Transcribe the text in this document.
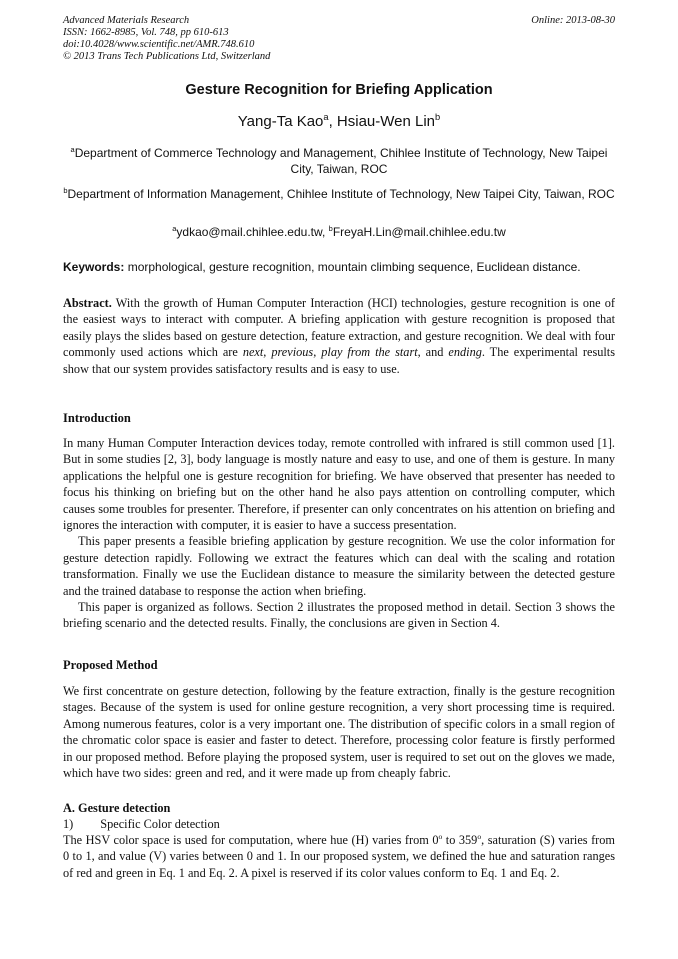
Advanced Materials Research
ISSN: 1662-8985, Vol. 748, pp 610-613
doi:10.4028/www.scientific.net/AMR.748.610
© 2013 Trans Tech Publications Ltd, Switzerland
Online: 2013-08-30
Gesture Recognition for Briefing Application
Yang-Ta Kao$^a$, Hsiau-Wen Lin$^b$
$^a$Department of Commerce Technology and Management, Chihlee Institute of Technology, New Taipei City, Taiwan, ROC
$^b$Department of Information Management, Chihlee Institute of Technology, New Taipei City, Taiwan, ROC
$^a$ydkao@mail.chihlee.edu.tw, $^b$FreyaH.Lin@mail.chihlee.edu.tw
Keywords: morphological, gesture recognition, mountain climbing sequence, Euclidean distance.

Abstract. With the growth of Human Computer Interaction (HCI) technologies, gesture recognition is one of the easiest ways to interact with computer. A briefing application with gesture recognition is proposed that easily plays the slides based on gesture detection, feature extraction, and gesture recognition. We deal with four commonly used actions which are next, previous, play from the start, and ending. The experimental results show that our system provides satisfactory results and is easy to use.

Introduction

In many Human Computer Interaction devices today, remote controlled with infrared is still common used [1]. But in some studies [2, 3], body language is mostly nature and easy to use, and one of them is gesture. In many applications the helpful one is gesture recognition for briefing. We have observed that presenter has needed to focus his thinking on briefing but on the other hand he also pays attention on controlling computer, which causes some troubles for presenter. Therefore, if presenter can only concentrates on his attention on briefing and ignores the interaction with computer, it is easier to have a success presentation.

This paper presents a feasible briefing application by gesture recognition. We use the color information for gesture detection rapidly. Following we extract the features which can deal with the scaling and rotation transformation. Finally we use the Euclidean distance to measure the similarity between the detected gesture and the trained database to response the action when briefing.

This paper is organized as follows. Section 2 illustrates the proposed method in detail. Section 3 shows the briefing scenario and the detected results. Finally, the conclusions are given in Section 4.

Proposed Method

We first concentrate on gesture detection, following by the feature extraction, finally is the gesture recognition stages. Because of the system is used for online gesture recognition, a very short processing time is required. Among numerous features, color is a very important one. The distribution of specific colors in a small region of the chromatic color space is easier and faster to detect. Therefore, processing color feature is firstly performed in our proposed method. Before playing the proposed system, user is required to set out on the gloves we made, which have two sides: green and red, and it were made up from cheaply fabric.

A. Gesture detection
1) Specific Color detection

The HSV color space is used for computation, where hue (H) varies from 0$^o$ to 359$^o$, saturation (S) varies from 0 to 1, and value (V) varies between 0 and 1. In our proposed system, we defined the hue and saturation ranges of red and green in Eq. 1 and Eq. 2. A pixel is reserved if its color values conform to Eq. 1 and Eq. 2.
